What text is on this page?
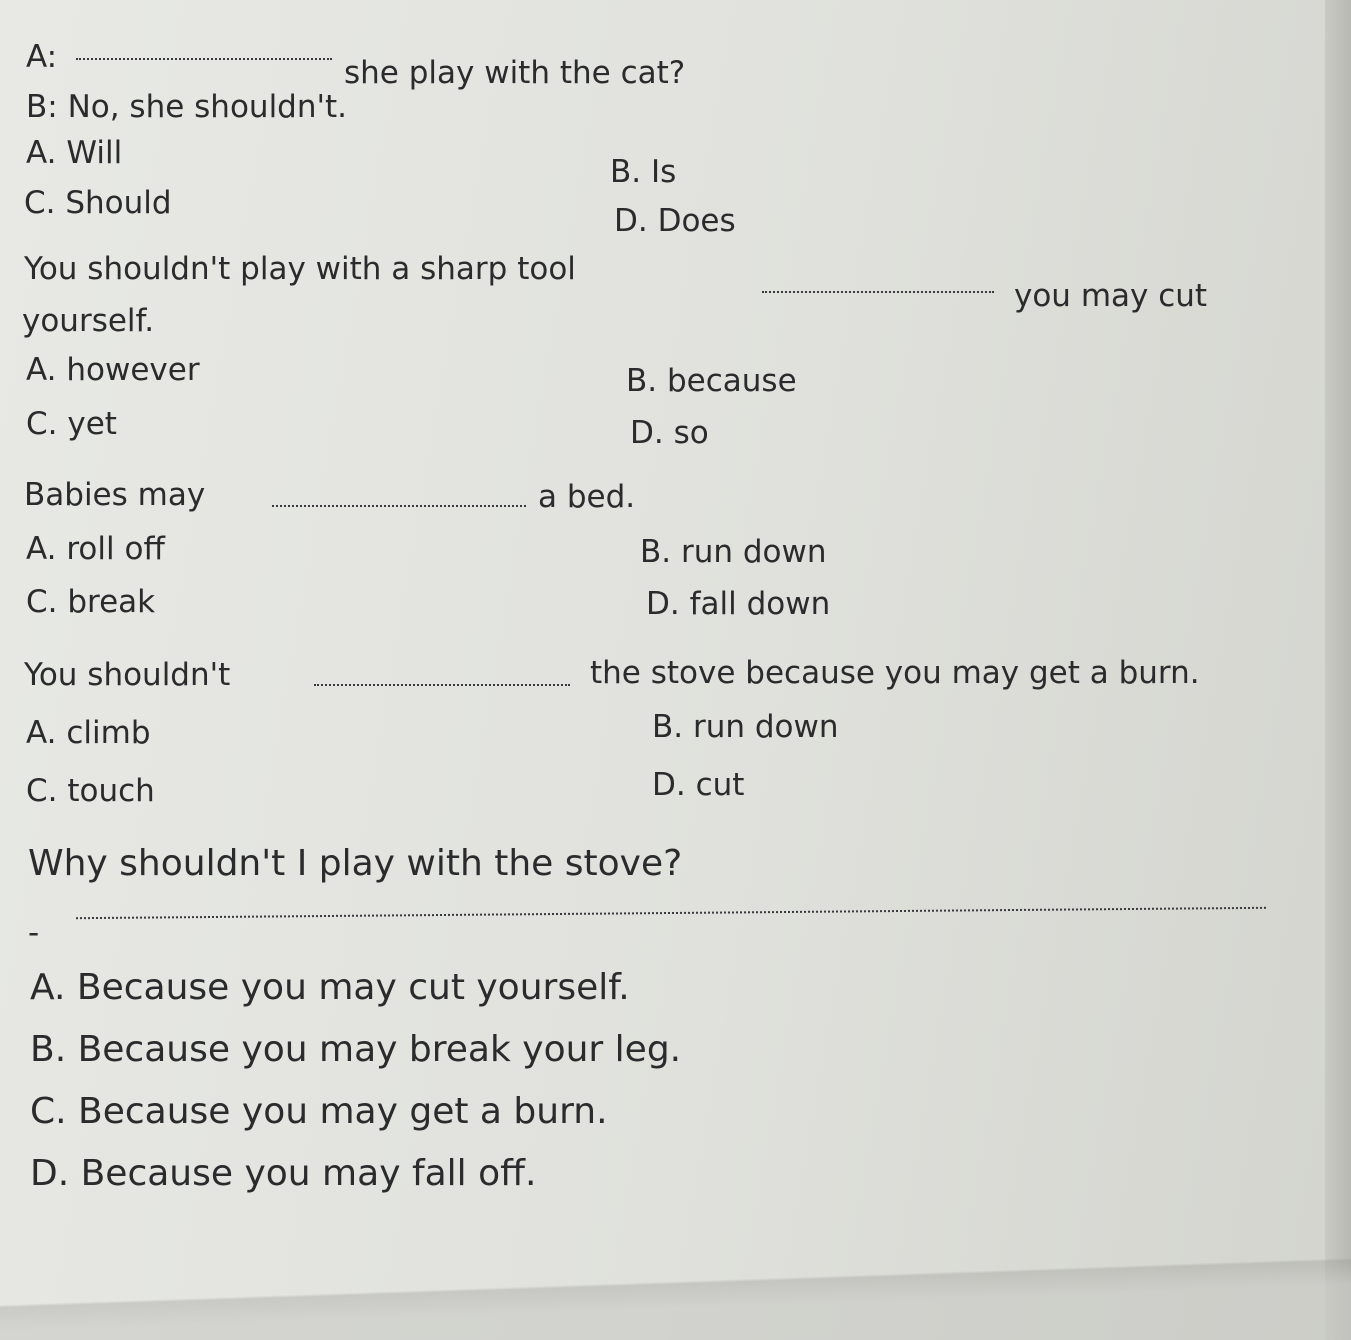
A:	she play with the cat?
B: No, she shouldn't.
A. Will
B. Is
C. Should	D. Does
You shouldn't play with a sharp tool
you may cut
yourself.
A. however	B. because
C. yet	D. so
Babies may	a bed.
A. roll off	B. run down
C. break	D. fall down
You shouldn't	the stove because you may get a burn.
A. climb	B. run down
C. touch	D. cut
Why shouldn't I play with the stove?
-
A. Because you may cut yourself.
B. Because you may break your leg.
C. Because you may get a burn.
D. Because you may fall off.
